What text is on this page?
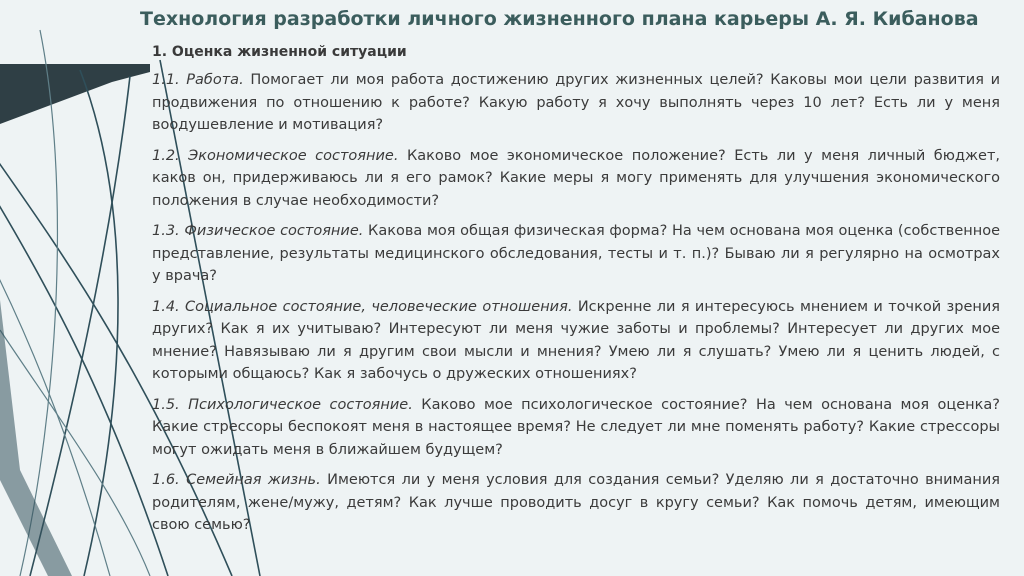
Технология разработки личного жизненного плана карьеры А. Я. Кибанова

1. Оценка жизненной ситуации

1.1. Работа. Помогает ли моя работа достижению других жизненных целей? Каковы мои цели развития и продвижения по отношению к работе? Какую работу я хочу выполнять через 10 лет? Есть ли у меня воодушевление и мотивация?

1.2. Экономическое состояние. Каково мое экономическое положение? Есть ли у меня личный бюджет, каков он, придерживаюсь ли я его рамок? Какие меры я могу применять для улучшения экономического положения в случае необходимости?

1.3. Физическое состояние. Какова моя общая физическая форма? На чем основана моя оценка (собственное представление, результаты медицинского обследования, тесты и т. п.)? Бываю ли я регулярно на осмотрах у врача?

1.4. Социальное состояние, человеческие отношения. Искренне ли я интересуюсь мнением и точкой зрения других? Как я их учитываю? Интересуют ли меня чужие заботы и проблемы? Интересует ли других мое мнение? Навязываю ли я другим свои мысли и мнения? Умею ли я слушать? Умею ли я ценить людей, с которыми общаюсь? Как я забочусь о дружеских отношениях?

1.5. Психологическое состояние. Каково мое психологическое состояние? На чем основана моя оценка? Какие стрессоры беспокоят меня в настоящее время? Не следует ли мне поменять работу? Какие стрессоры могут ожидать меня в ближайшем будущем?

1.6. Семейная жизнь. Имеются ли у меня условия для создания семьи? Уделяю ли я достаточно внимания родителям, жене/мужу, детям? Как лучше проводить досуг в кругу семьи? Как помочь детям, имеющим свою семью?
